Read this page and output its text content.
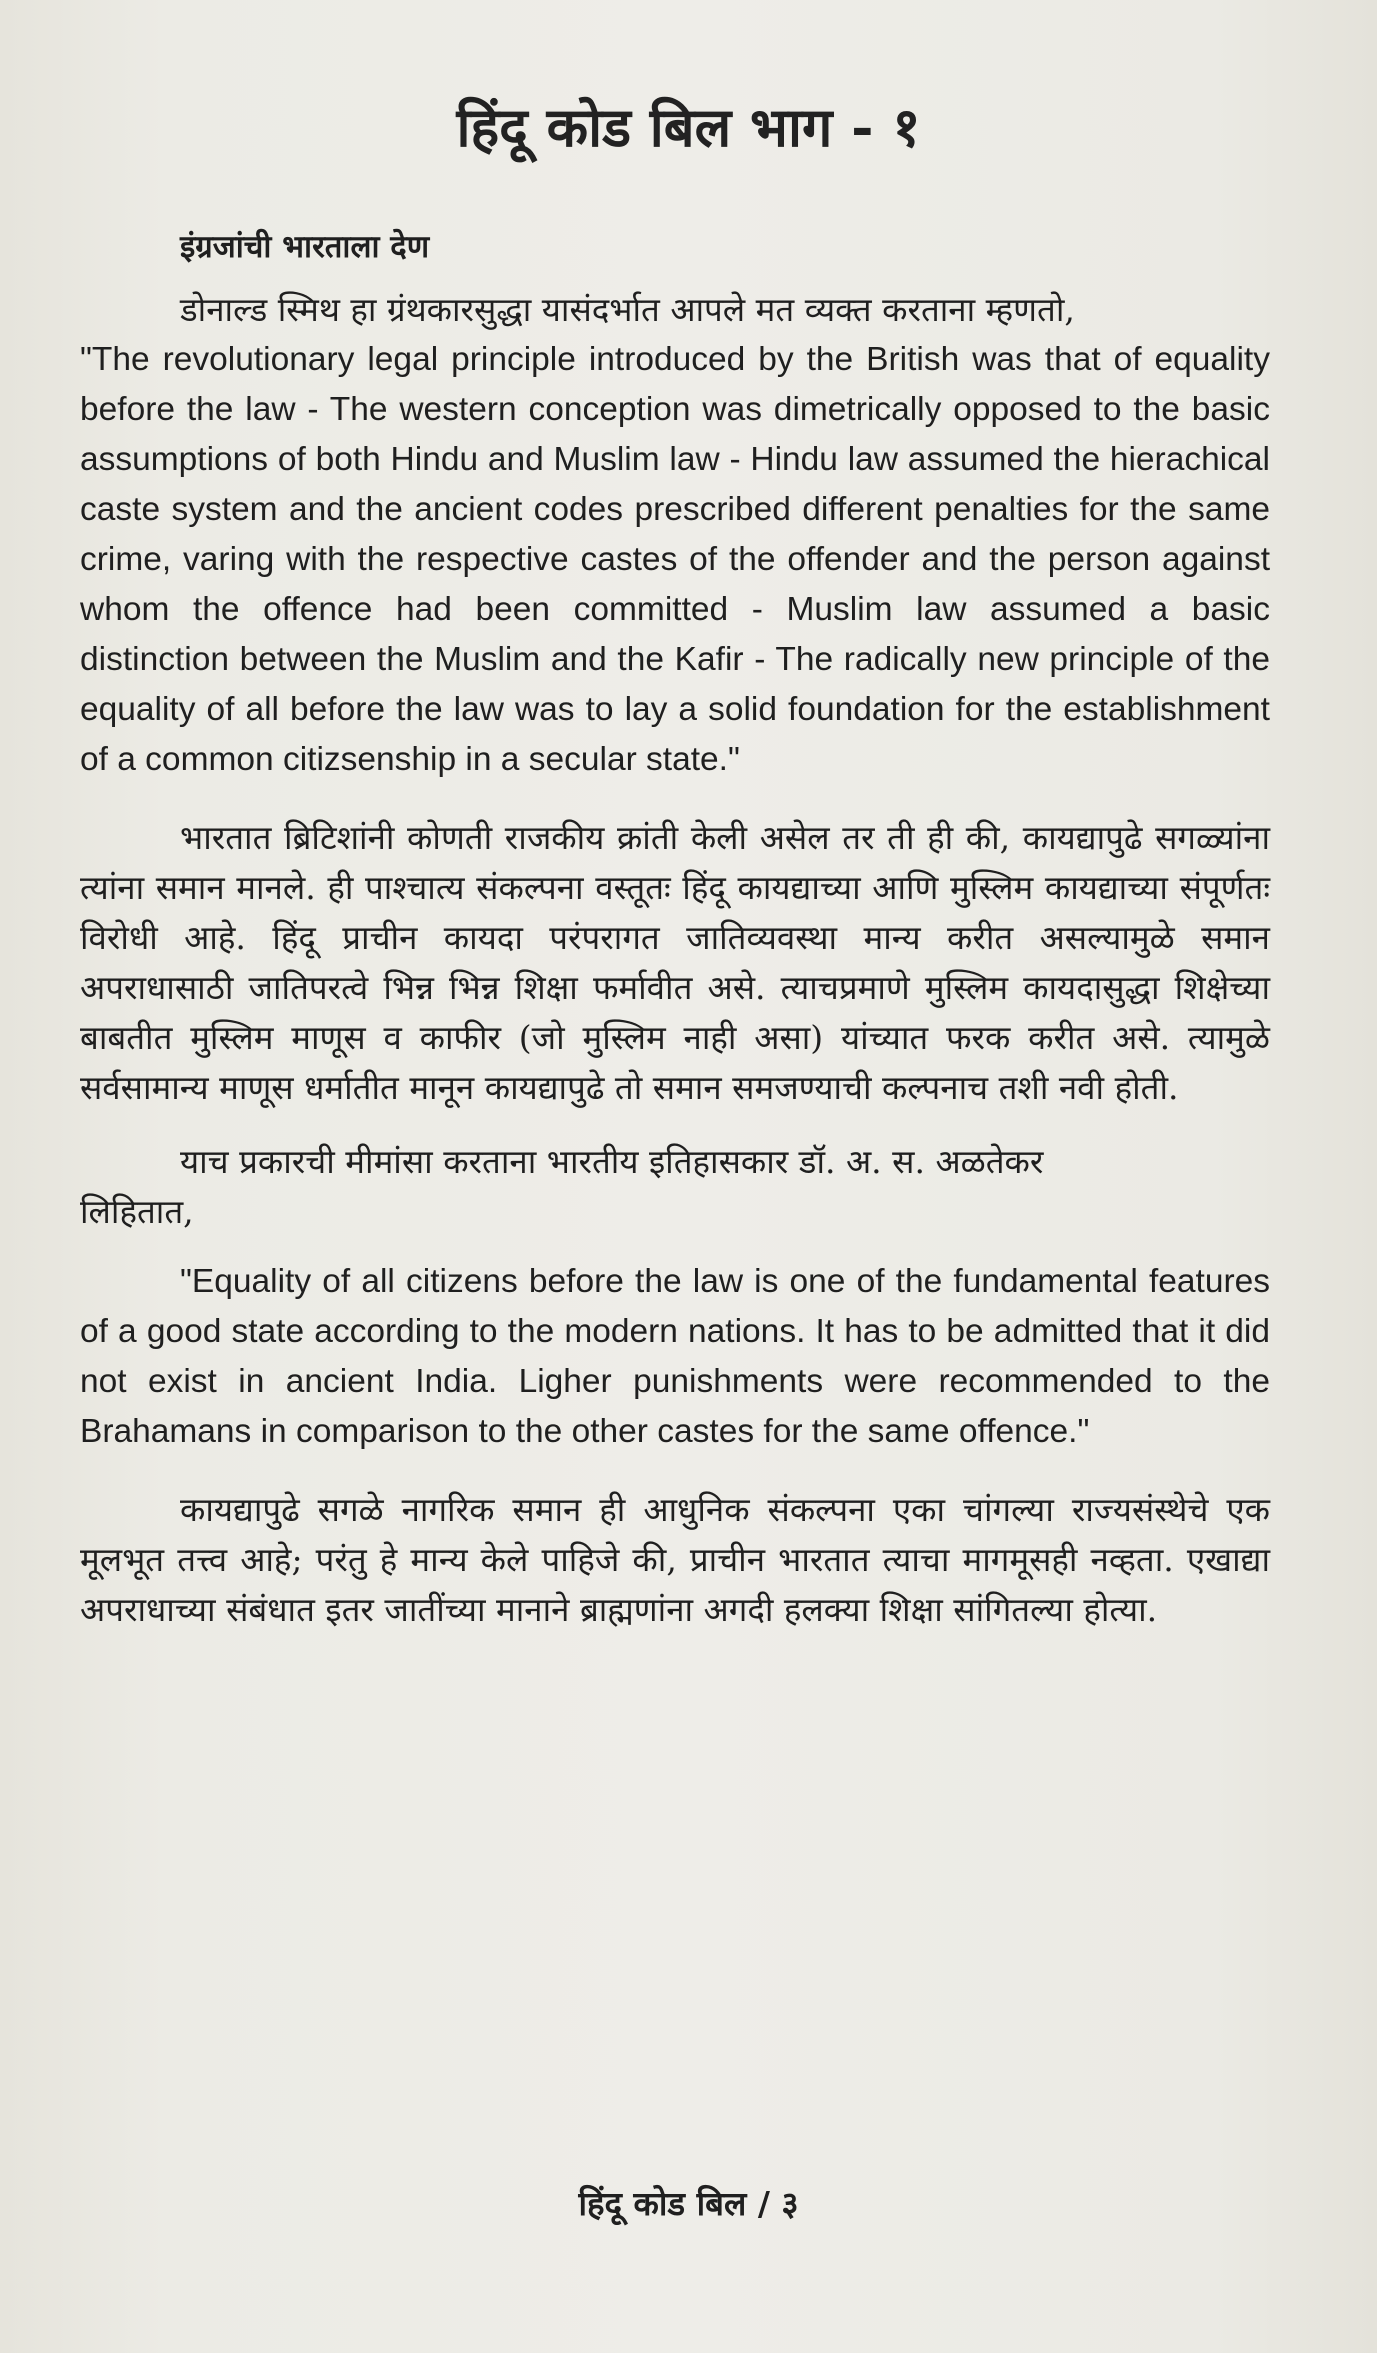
हिंदू कोड बिल भाग - १
इंग्रजांची भारताला देण

डोनाल्ड स्मिथ हा ग्रंथकारसुद्धा यासंदर्भात आपले मत व्यक्त करताना म्हणतो,

"The revolutionary legal principle introduced by the British was that of equality before the law - The western conception was dimetrically opposed to the basic assumptions of both Hindu and Muslim law - Hindu law assumed the hierachical caste system and the ancient codes prescribed different penalties for the same crime, varing with the respective castes of the offender and the person against whom the offence had been committed - Muslim law assumed a basic distinction between the Muslim and the Kafir - The radically new principle of the equality of all before the law was to lay a solid foundation for the establishment of a common citizsenship in a secular state."

भारतात ब्रिटिशांनी कोणती राजकीय क्रांती केली असेल तर ती ही की, कायद्यापुढे सगळ्यांना त्यांना समान मानले. ही पाश्चात्य संकल्पना वस्तूतः हिंदू कायद्याच्या आणि मुस्लिम कायद्याच्या संपूर्णतः विरोधी आहे. हिंदू प्राचीन कायदा परंपरागत जातिव्यवस्था मान्य करीत असल्यामुळे समान अपराधासाठी जातिपरत्वे भिन्न भिन्न शिक्षा फर्मावीत असे. त्याचप्रमाणे मुस्लिम कायदासुद्धा शिक्षेच्या बाबतीत मुस्लिम माणूस व काफीर (जो मुस्लिम नाही असा) यांच्यात फरक करीत असे. त्यामुळे सर्वसामान्य माणूस धर्मातीत मानून कायद्यापुढे तो समान समजण्याची कल्पनाच तशी नवी होती.

याच प्रकारची मीमांसा करताना भारतीय इतिहासकार डॉ. अ. स. अळतेकर

लिहितात,

"Equality of all citizens before the law is one of the fundamental features of a good state according to the modern nations. It has to be admitted that it did not exist in ancient India. Ligher punishments were recommended to the Brahamans in comparison to the other castes for the same offence."

कायद्यापुढे सगळे नागरिक समान ही आधुनिक संकल्पना एका चांगल्या राज्यसंस्थेचे एक मूलभूत तत्त्व आहे; परंतु हे मान्य केले पाहिजे की, प्राचीन भारतात त्याचा मागमूसही नव्हता. एखाद्या अपराधाच्या संबंधात इतर जातींच्या मानाने ब्राह्मणांना अगदी हलक्या शिक्षा सांगितल्या होत्या.

हिंदू कोड बिल / ३
